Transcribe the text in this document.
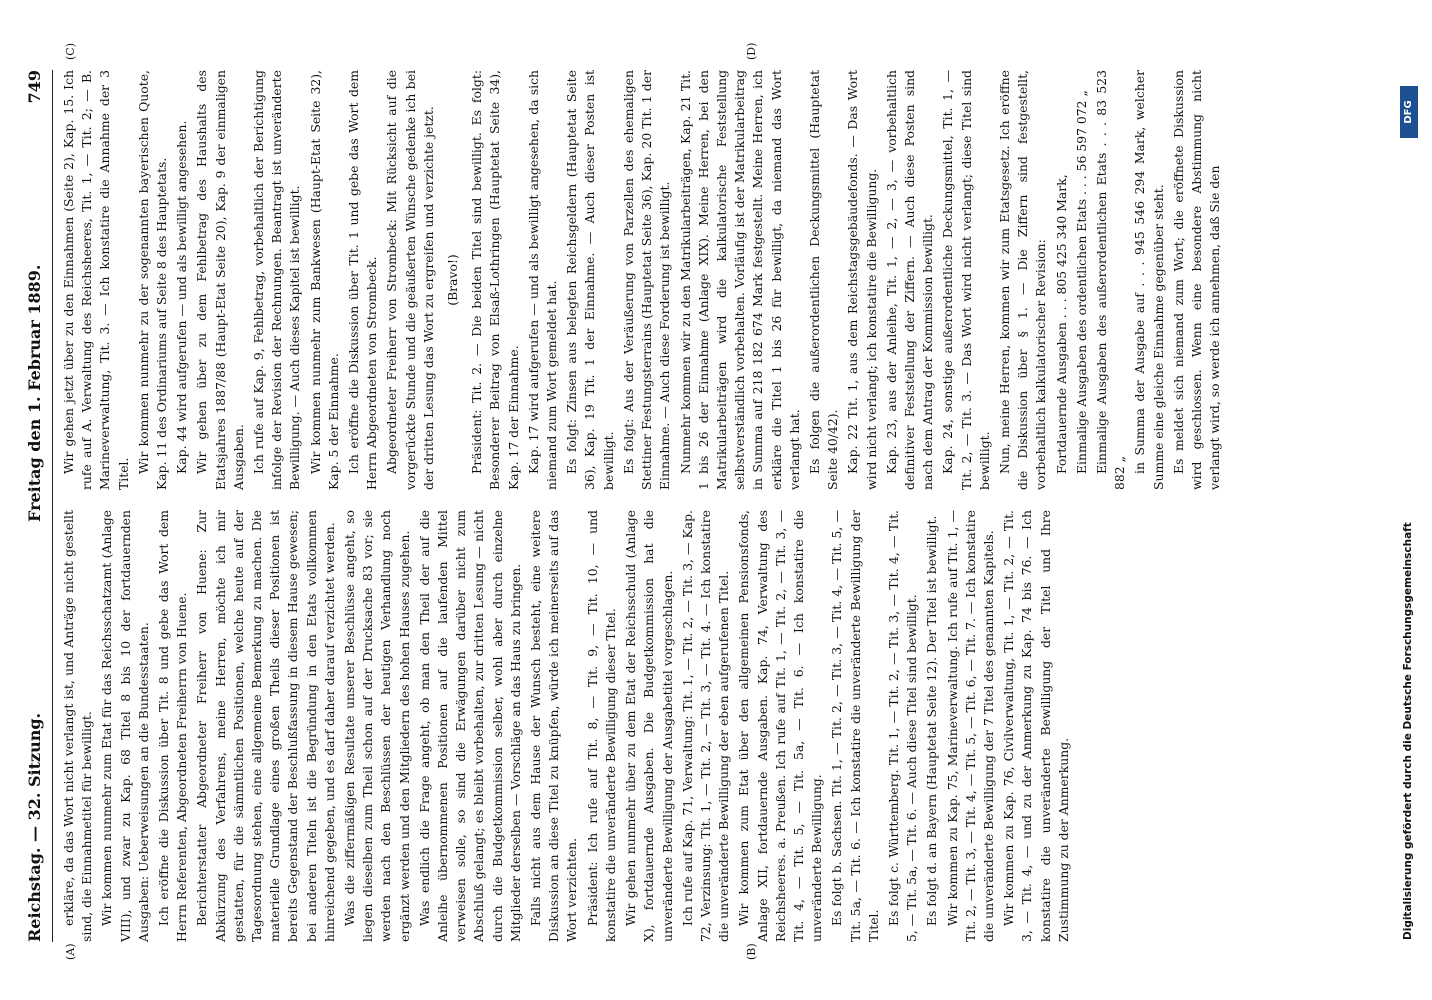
Reichstag. — 32. Sitzung.
Freitag den 1. Februar 1889.
749
(A)	(B)
(C)	(D)

erkläre, da das Wort nicht verlangt ist, und Anträge nicht gestellt sind, die Einnahmetitel für bewilligt. Wir kommen nunmehr zum Etat für das Reichsschatzamt (Anlage VIII), und zwar zu Kap. 68 Titel 8 bis 10 der fortdauernden Ausgaben: Ueberweisungen an die Bundesstaaten. Ich eröffne die Diskussion über Tit. 8 und gebe das Wort dem Herrn Referenten, Abgeordneten Freiherrn von Huene. Berichterstatter Abgeordneter Freiherr von Huene: Zur Abkürzung des Verfahrens, meine Herren, möchte ich mir gestatten, für die sämmtlichen Positionen, welche heute auf der Tagesordnung stehen, eine allgemeine Bemerkung zu machen. Die materielle Grundlage eines großen Theils dieser Positionen ist bereits Gegenstand der Beschlußfassung in diesem Hause gewesen; bei anderen Titeln ist die Begründung in den Etats vollkommen hinreichend gegeben, und es darf daher darauf verzichtet werden. Was die ziffermäßigen Resultate unserer Beschlüsse angeht, so liegen dieselben zum Theil schon auf der Drucksache 83 vor; sie werden nach den Beschlüssen der heutigen Verhandlung noch ergänzt werden und den Mitgliedern des hohen Hauses zugehen. Was endlich die Frage angeht, ob man den Theil der auf die Anleihe übernommenen Positionen auf die laufenden Mittel verweisen solle, so sind die Erwägungen darüber nicht zum Abschluß gelangt; es bleibt vorbehalten, zur dritten Lesung — nicht durch die Budgetkommission selber, wohl aber durch einzelne Mitglieder derselben — Vorschläge an das Haus zu bringen. Falls nicht aus dem Hause der Wunsch besteht, eine weitere Diskussion an diese Titel zu knüpfen, würde ich meinerseits auf das Wort verzichten. Präsident: Ich rufe auf Tit. 8, — Tit. 9, — Tit. 10, — und konstatire die unveränderte Bewilligung dieser Titel. Wir gehen nunmehr über zu dem Etat der Reichsschuld (Anlage X), fortdauernde Ausgaben. Die Budgetkommission hat die unveränderte Bewilligung der Ausgabetitel vorgeschlagen. Ich rufe auf Kap. 71, Verwaltung: Tit. 1, — Tit. 2, — Tit. 3, — Kap. 72, Verzinsung: Tit. 1, — Tit. 2, — Tit. 3, — Tit. 4. — Ich konstatire die unveränderte Bewilligung der eben aufgerufenen Titel. Wir kommen zum Etat über den allgemeinen Pensionsfonds, Anlage XII, fortdauernde Ausgaben. Kap. 74, Verwaltung des Reichsheeres. a. Preußen. Ich rufe auf Tit. 1, — Tit. 2, — Tit. 3, — Tit. 4, — Tit. 5, — Tit. 5a, — Tit. 6. — Ich konstatire die unveränderte Bewilligung. Es folgt b. Sachsen. Tit. 1, — Tit. 2, — Tit. 3, — Tit. 4, — Tit. 5, — Tit. 5a, — Tit. 6. — Ich konstatire die unveränderte Bewilligung der Titel. Es folgt c. Württemberg. Tit. 1, — Tit. 2, — Tit. 3, — Tit. 4, — Tit. 5, — Tit. 5a, — Tit. 6. — Auch diese Titel sind bewilligt. Es folgt d. an Bayern (Hauptetat Seite 12). Der Titel ist bewilligt. Wir kommen zu Kap. 75, Marineverwaltung. Ich rufe auf Tit. 1, — Tit. 2, — Tit. 3, — Tit. 4, — Tit. 5, — Tit. 6, — Tit. 7. — Ich konstatire die unveränderte Bewilligung der 7 Titel des genannten Kapitels. Wir kommen zu Kap. 76, Civilverwaltung, Tit. 1, — Tit. 2, — Tit. 3, — Tit. 4, — und zu der Anmerkung zu Kap. 74 bis 76. — Ich konstatire die unveränderte Bewilligung der Titel und Ihre Zustimmung zu der Anmerkung.

Wir gehen jetzt über zu den Einnahmen (Seite 2), Kap. 15. Ich rufe auf A. Verwaltung des Reichsheeres, Tit. 1, — Tit. 2; — B. Marineverwaltung, Tit. 3. — Ich konstatire die Annahme der 3 Titel. Wir kommen nunmehr zu der sogenannten bayerischen Quote, Kap. 11 des Ordinariums auf Seite 8 des Hauptetats. Kap. 44 wird aufgerufen — und als bewilligt angesehen. Wir gehen über zu dem Fehlbetrag des Haushalts des Etatsjahres 1887/88 (Haupt-Etat Seite 20), Kap. 9 der einmaligen Ausgaben. Ich rufe auf Kap. 9, Fehlbetrag, vorbehaltlich der Berichtigung infolge der Revision der Rechnungen. Beantragt ist unveränderte Bewilligung. — Auch dieses Kapitel ist bewilligt. Wir kommen nunmehr zum Bankwesen (Haupt-Etat Seite 32), Kap. 5 der Einnahme. Ich eröffne die Diskussion über Tit. 1 und gebe das Wort dem Herrn Abgeordneten von Strombeck. Abgeordneter Freiherr von Strombeck: Mit Rücksicht auf die vorgerückte Stunde und die geäußerten Wünsche gedenke ich bei der dritten Lesung das Wort zu ergreifen und verzichte jetzt. (Bravo!) Präsident: Tit. 2. — Die beiden Titel sind bewilligt. Es folgt: Besonderer Beitrag von Elsaß-Lothringen (Hauptetat Seite 34), Kap. 17 der Einnahme. Kap. 17 wird aufgerufen — und als bewilligt angesehen, da sich niemand zum Wort gemeldet hat. Es folgt: Zinsen aus belegten Reichsgeldern (Hauptetat Seite 36), Kap. 19 Tit. 1 der Einnahme. — Auch dieser Posten ist bewilligt. Es folgt: Aus der Veräußerung von Parzellen des ehemaligen Stettiner Festungsterrains (Hauptetat Seite 36), Kap. 20 Tit. 1 der Einnahme. — Auch diese Forderung ist bewilligt. Nunmehr kommen wir zu den Matrikularbeiträgen, Kap. 21 Tit. 1 bis 26 der Einnahme (Anlage XIX). Meine Herren, bei den Matrikularbeiträgen wird die kalkulatorische Feststellung selbstverständlich vorbehalten. Vorläufig ist der Matrikularbeitrag in Summa auf 218 182 674 Mark festgestellt. Meine Herren, ich erkläre die Titel 1 bis 26 für bewilligt, da niemand das Wort verlangt hat. Es folgen die außerordentlichen Deckungsmittel (Hauptetat Seite 40/42). Kap. 22 Tit. 1, aus dem Reichstagsgebäudefonds. — Das Wort wird nicht verlangt; ich konstatire die Bewilligung. Kap. 23, aus der Anleihe, Tit. 1, — 2, — 3, — vorbehaltlich definitiver Feststellung der Ziffern. — Auch diese Posten sind nach dem Antrag der Kommission bewilligt. Kap. 24, sonstige außerordentliche Deckungsmittel, Tit. 1, — Tit. 2, — Tit. 3. — Das Wort wird nicht verlangt; diese Titel sind bewilligt. Nun, meine Herren, kommen wir zum Etatsgesetz. Ich eröffne die Diskussion über § 1. — Die Ziffern sind festgestellt, vorbehaltlich kalkulatorischer Revision: Fortdauernde Ausgaben . . . 805 425 340 Mark, Einmalige Ausgaben des ordentlichen Etats . . . 56 597 072 „ Einmalige Ausgaben des außerordentlichen Etats . . . 83 523 882 „ in Summa der Ausgabe auf . . . 945 546 294 Mark, welcher Summe eine gleiche Einnahme gegenüber steht. Es meldet sich niemand zum Wort; die eröffnete Diskussion wird geschlossen. Wenn eine besondere Abstimmung nicht verlangt wird, so werde ich annehmen, daß Sie den

Digitalisierung gefördert durch die Deutsche Forschungsgemeinschaft
DFG
